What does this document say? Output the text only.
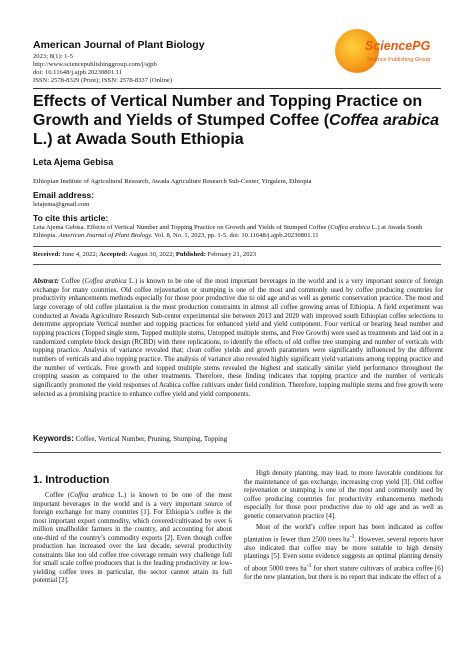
American Journal of Plant Biology
2023; 8(1): 1-5
http://www.sciencepublishinggroup.com/j/ajpb
doi: 10.11648/j.ajpb.20230801.11
ISSN: 2578-8329 (Print); ISSN: 2578-8337 (Online)
SciencePG
Science Publishing Group
Effects of Vertical Number and Topping Practice on Growth and Yields of Stumped Coffee (Coffea arabica L.) at Awada South Ethiopia
Leta Ajema Gebisa
Ethiopian Institute of Agricultural Research, Awada Agriculture Research Sub-Center, Yirgalem, Ethiopia
Email address:
letajema@gmail.com
To cite this article:
Leta Ajema Gebisa. Effects of Vertical Number and Topping Practice on Growth and Yields of Stumped Coffee (Coffea arabica L.) at Awada South Ethiopia. American Journal of Plant Biology. Vol. 8, No. 1, 2023, pp. 1-5. doi: 10.11648/j.ajpb.20230801.11
Received: June 4, 2022; Accepted: August 30, 2022; Published: February 21, 2023
Abstract: Coffee (Coffea arabica L.) is known to be one of the most important beverages in the world and is a very important source of foreign exchange for many countries. Old coffee rejuvenation or stumping is one of the most and commonly used by coffee producing countries for productivity enhancements methods especially for those poor productive due to old age and as well as genetic conservation practice. The most and large coverage of old coffee plantation is the most production constraints in almost all coffee growing areas of Ethiopia. A field experiment was conducted at Awada Agriculture Research Sub-center experimental site between 2013 and 2020 with improved south Ethiopian coffee selections to determine appropriate Vertical number and topping practices for enhanced yield and yield component. Four vertical or bearing head number and topping practices (Topped single stem, Topped multiple stems, Untopped multiple stems, and Free Growth) were used as treatments and laid out in a randomized complete block design (RCBD) with three replications, to identify the effects of old coffee tree stumping and number of verticals with topping practice. Analysis of variance revealed that; clean coffee yields and growth parameters were significantly influenced by the different numbers of verticals and also topping practice. The analysis of variance also revealed highly significant yield variations among topping practice and the number of verticals. Free growth and topped multiple stems revealed the highest and statically similar yield performance throughout the cropping season as compared to the other treatments. Therefore, these finding indicates that topping practice and the number of verticals significantly promoted the yield responses of Arabica coffee cultivars under field condition. Therefore, topping multiple stems and free growth were selected as a promising practice to enhance coffee yield and yield components.
Keywords: Coffee, Vertical Number, Pruning, Stumping, Topping
1. Introduction

Coffee (Coffea arabica L.) is known to be one of the most important beverages in the world and is a very important source of foreign exchange for many countries [1]. For Ethiopia’s coffee is the most important export commodity, which covered/cultivated by over 6 million smallholder farmers in the country, and accounting for about one-third of the country’s commodity exports [2]. Even though coffee production has increased over the last decade, several productivity constraints like too old coffee tree coverage remain very challenge full for small scale coffee producers that is the leading productivity or low-yielding coffee trees in particular, the sector cannot attain its full potential [2].

High density planting, may lead, to more favorable conditions for the maintenance of gas exchange, increasing crop yield [3]. Old coffee rejuvenation or stumping is one of the most and commonly used by coffee producing countries for productivity enhancements methods especially for those poor productive due to old age and as well as genetic conservation practice [4].

Most of the world’s coffee report has been indicated as coffee plantation is fewer than 2500 trees $ha^{-1}$. However, several reports have also indicated that coffee may be more suitable to high density plantings [5]. Even some evidence suggests an optimal planting density of about 5000 trees $ha^{-1}$ for short stature cultivars of arabica coffee [6] for the new plantation, but there is no report that indicate the effect of a
